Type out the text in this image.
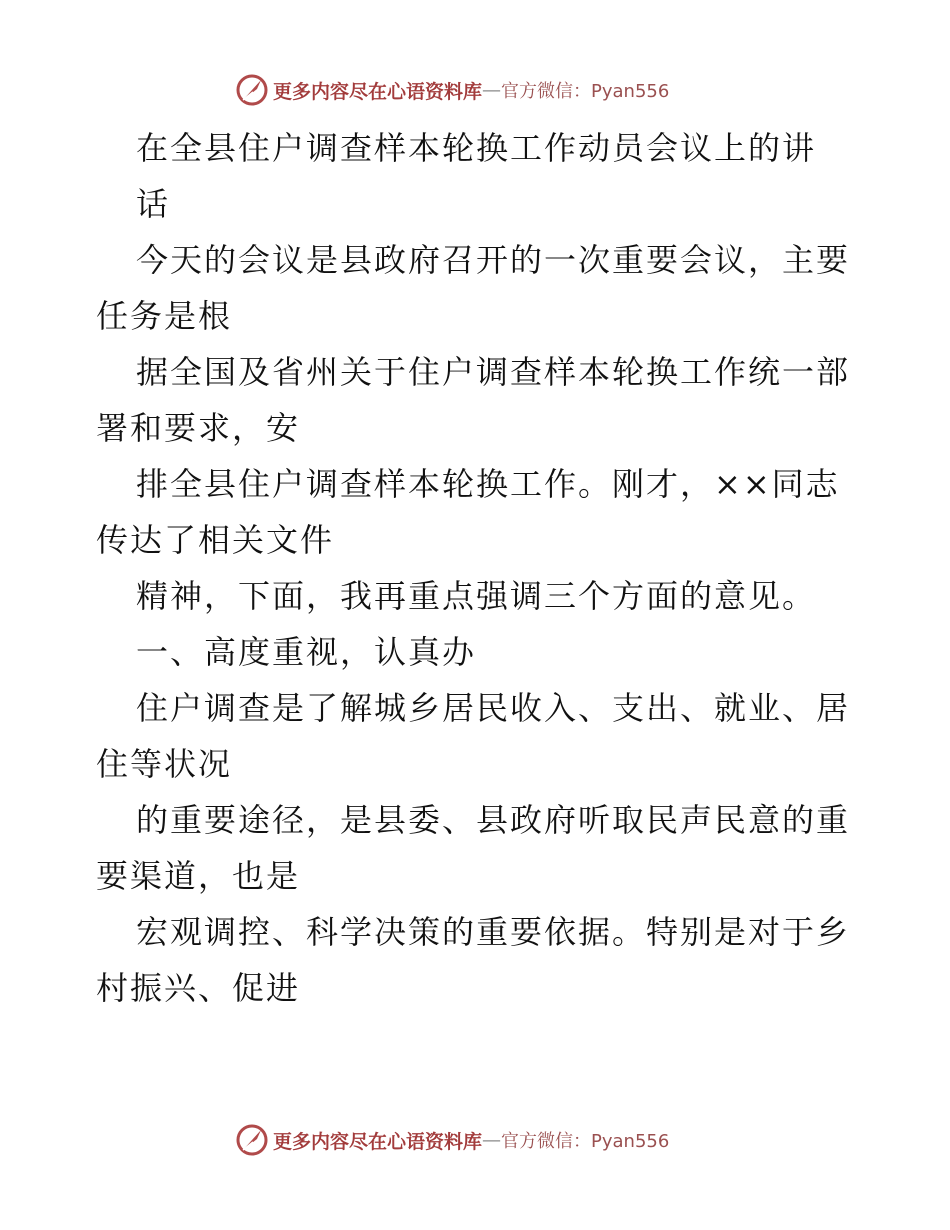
更多内容尽在心语资料库 — 官方微信：Pyan556
在全县住户调查样本轮换工作动员会议上的讲
话
今天的会议是县政府召开的一次重要会议，主要
任务是根
据全国及省州关于住户调查样本轮换工作统一部
署和要求，安
排全县住户调查样本轮换工作。刚才，××同志
传达了相关文件
精神，下面，我再重点强调三个方面的意见。
一、高度重视，认真办
住户调查是了解城乡居民收入、支出、就业、居
住等状况
的重要途径，是县委、县政府听取民声民意的重
要渠道，也是
宏观调控、科学决策的重要依据。特别是对于乡
村振兴、促进
更多内容尽在心语资料库 — 官方微信：Pyan556
